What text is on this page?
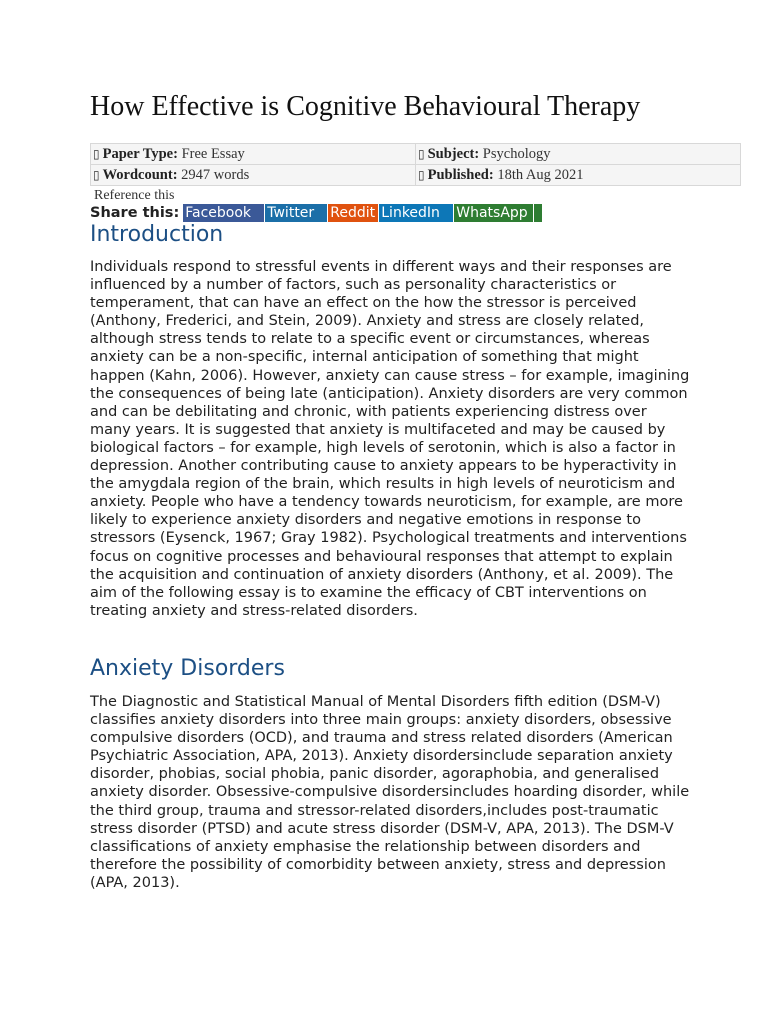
How Effective is Cognitive Behavioural Therapy
▯ Paper Type: Free Essay	▯ Subject: Psychology
▯ Wordcount: 2947 words	▯ Published: 18th Aug 2021
Reference this
Share this: Facebook	Twitter	Reddit LinkedIn	WhatsApp
Introduction

Individuals respond to stressful events in different ways and their responses are influenced by a number of factors, such as personality characteristics or temperament, that can have an effect on the how the stressor is perceived (Anthony, Frederici, and Stein, 2009). Anxiety and stress are closely related, although stress tends to relate to a specific event or circumstances, whereas anxiety can be a non-specific, internal anticipation of something that might happen (Kahn, 2006). However, anxiety can cause stress – for example, imagining the consequences of being late (anticipation). Anxiety disorders are very common and can be debilitating and chronic, with patients experiencing distress over many years. It is suggested that anxiety is multifaceted and may be caused by biological factors – for example, high levels of serotonin, which is also a factor in depression. Another contributing cause to anxiety appears to be hyperactivity in the amygdala region of the brain, which results in high levels of neuroticism and anxiety. People who have a tendency towards neuroticism, for example, are more likely to experience anxiety disorders and negative emotions in response to stressors (Eysenck, 1967; Gray 1982). Psychological treatments and interventions focus on cognitive processes and behavioural responses that attempt to explain the acquisition and continuation of anxiety disorders (Anthony, et al. 2009). The aim of the following essay is to examine the efficacy of CBT interventions on treating anxiety and stress-related disorders.

Anxiety Disorders

The Diagnostic and Statistical Manual of Mental Disorders fifth edition (DSM-V) classifies anxiety disorders into three main groups: anxiety disorders, obsessive compulsive disorders (OCD), and trauma and stress related disorders (American Psychiatric Association, APA, 2013). Anxiety disordersinclude separation anxiety disorder, phobias, social phobia, panic disorder, agoraphobia, and generalised anxiety disorder. Obsessive-compulsive disordersincludes hoarding disorder, while the third group, trauma and stressor-related disorders,includes post-traumatic stress disorder (PTSD) and acute stress disorder (DSM-V, APA, 2013). The DSM-V classifications of anxiety emphasise the relationship between disorders and therefore the possibility of comorbidity between anxiety, stress and depression (APA, 2013).
